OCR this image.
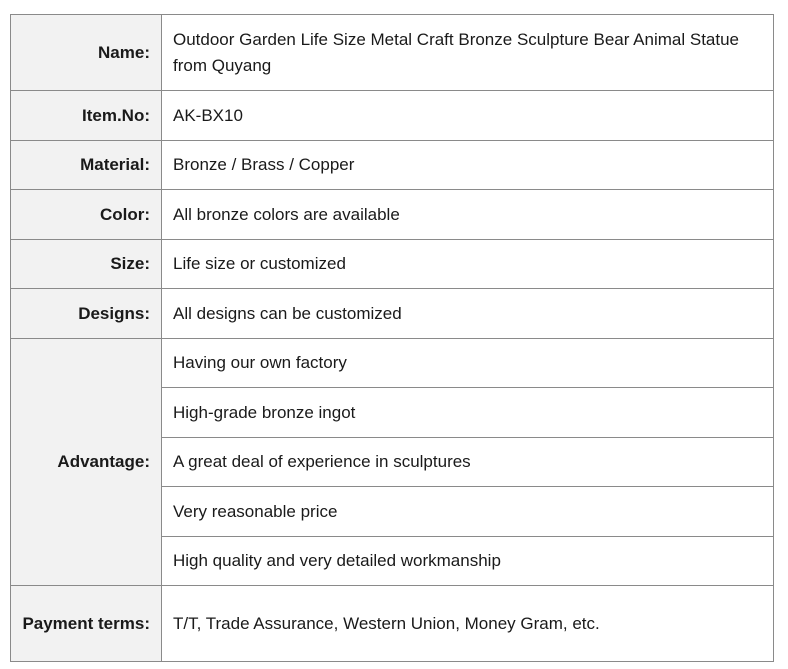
Name:	Outdoor Garden Life Size Metal Craft Bronze Sculpture Bear Animal Statue from Quyang
Item.No:	AK-BX10
Material:	Bronze / Brass / Copper
Color:	All bronze colors are available
Size:	Life size or customized
Designs:	All designs can be customized
Advantage:	Having our own factory
	High-grade bronze ingot
	A great deal of experience in sculptures
	Very reasonable price
	High quality and very detailed workmanship
Payment terms:	T/T, Trade Assurance, Western Union, Money Gram, etc.
